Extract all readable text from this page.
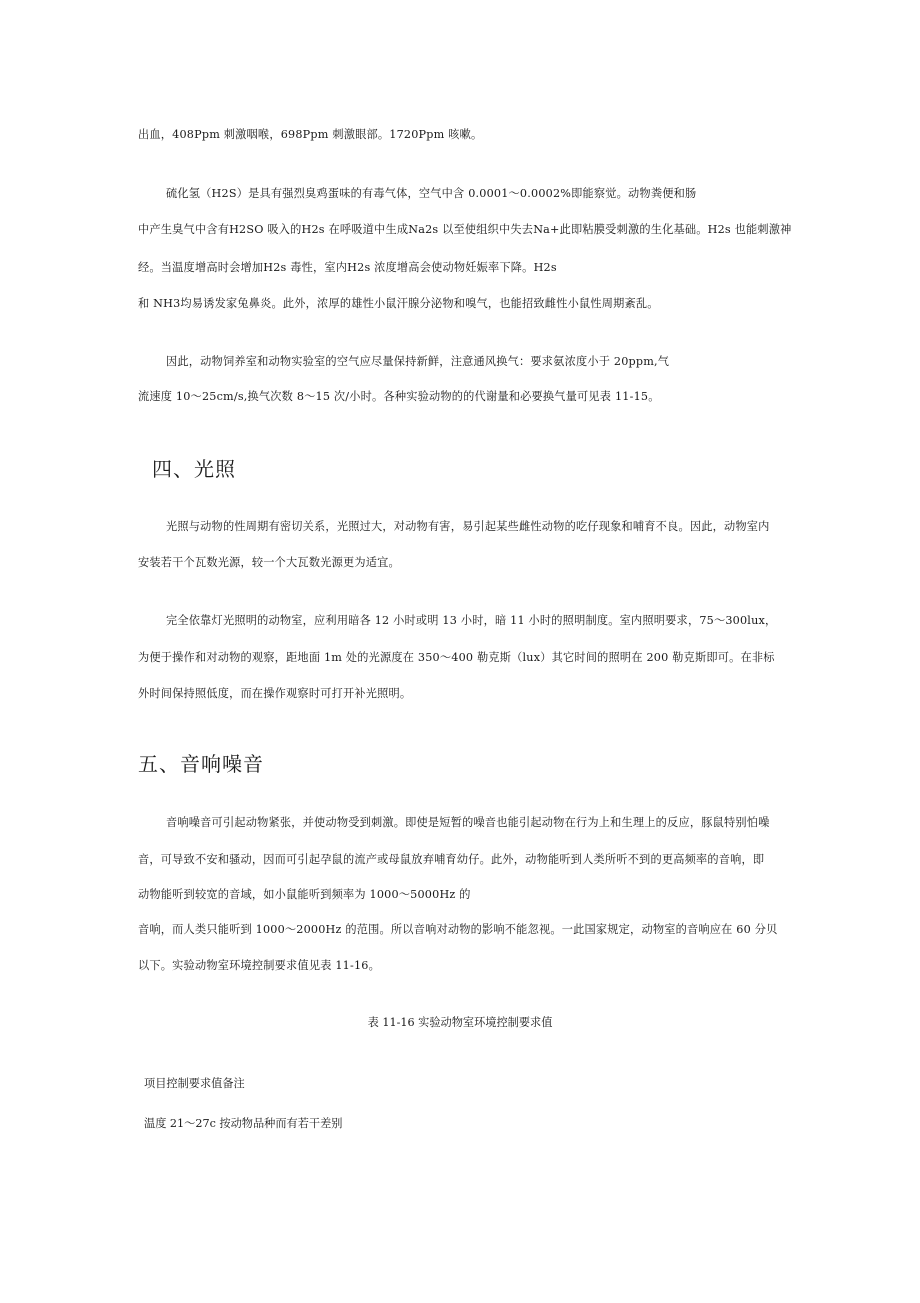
出血，408Ppm 刺激咽喉，698Ppm 刺激眼部。1720Ppm 咳嗽。
硫化氢（H2S）是具有强烈臭鸡蛋味的有毒气体，空气中含 0.0001～0.0002%即能察觉。动物粪便和肠
中产生臭气中含有H2SO 吸入的H2s 在呼吸道中生成Na2s 以至使组织中失去Na+此即粘膜受刺激的生化基础。H2s 也能刺激神
经。当温度增高时会增加H2s 毒性，室内H2s 浓度增高会使动物妊娠率下降。H2s
和 NH3均易诱发家兔鼻炎。此外，浓厚的雄性小鼠汗腺分泌物和嗅气，也能招致雌性小鼠性周期紊乱。
因此，动物饲养室和动物实验室的空气应尽量保持新鲜，注意通风换气：要求氨浓度小于 20ppm,气
流速度 10～25cm/s,换气次数 8～15 次/小时。各种实验动物的的代谢量和必要换气量可见表 11-15。
四、光照
光照与动物的性周期有密切关系，光照过大，对动物有害，易引起某些雌性动物的吃仔现象和哺育不良。因此，动物室内
安装若干个瓦数光源，较一个大瓦数光源更为适宜。
完全依靠灯光照明的动物室，应利用暗各 12 小时或明 13 小时，暗 11 小时的照明制度。室内照明要求，75～300lux，
为便于操作和对动物的观察，距地面 1m 处的光源度在 350～400 勒克斯（lux）其它时间的照明在 200 勒克斯即可。在非标
外时间保持照低度，而在操作观察时可打开补光照明。
五、音响噪音
音响噪音可引起动物紧张，并使动物受到刺激。即使是短暂的噪音也能引起动物在行为上和生理上的反应，豚鼠特别怕噪
音，可导致不安和骚动，因而可引起孕鼠的流产或母鼠放弃哺育幼仔。此外，动物能听到人类所听不到的更高频率的音响，即
动物能听到较宽的音域，如小鼠能听到频率为 1000～5000Hz 的
音响，而人类只能听到 1000～2000Hz 的范围。所以音响对动物的影响不能忽视。一此国家规定，动物室的音响应在 60 分贝
以下。实验动物室环境控制要求值见表 11-16。
表 11-16 实验动物室环境控制要求值
项目控制要求值备注
温度 21～27c 按动物品种而有若干差别
